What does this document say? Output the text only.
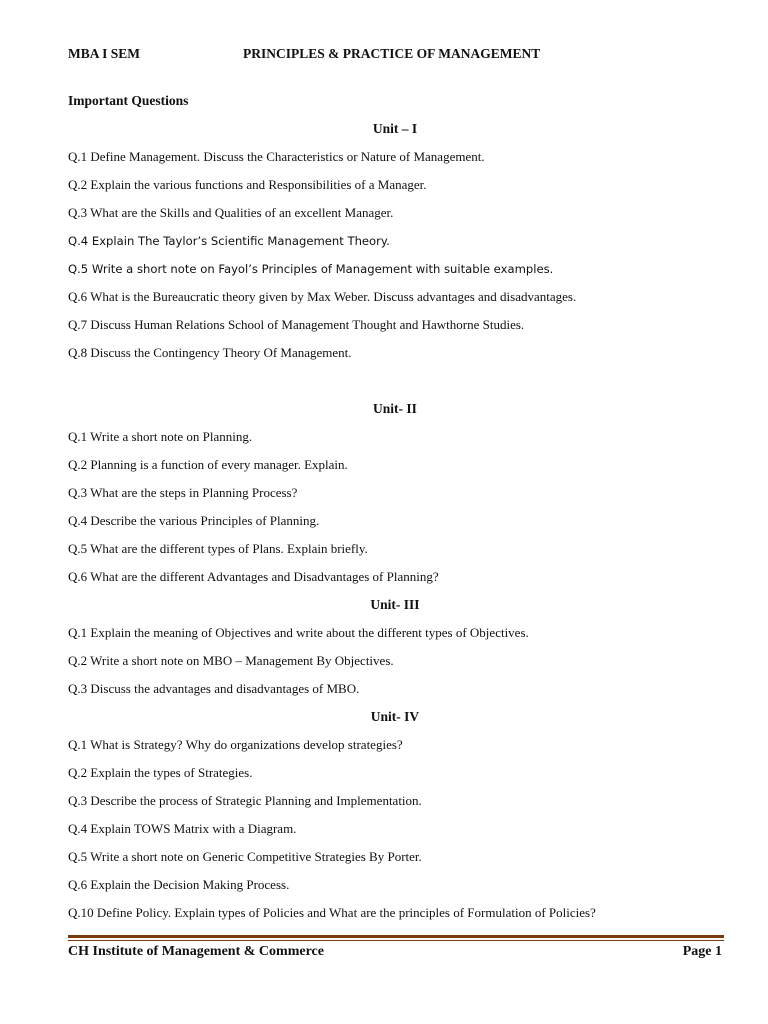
MBA I SEM	PRINCIPLES & PRACTICE OF MANAGEMENT
Important Questions
Unit – I
Q.1 Define Management. Discuss the Characteristics or Nature of Management.
Q.2 Explain the various functions and Responsibilities of a Manager.
Q.3 What are the Skills and Qualities of an excellent Manager.
Q.4 Explain The Taylor’s Scientific Management Theory.
Q.5 Write a short note on Fayol’s Principles of Management with suitable examples.
Q.6 What is the Bureaucratic theory given by Max Weber. Discuss advantages and disadvantages.
Q.7 Discuss Human Relations School of Management Thought and Hawthorne Studies.
Q.8 Discuss the Contingency Theory Of Management.
Unit- II
Q.1 Write a short note on Planning.
Q.2 Planning is a function of every manager. Explain.
Q.3 What are the steps in Planning Process?
Q.4 Describe the various Principles of Planning.
Q.5 What are the different types of Plans. Explain briefly.
Q.6 What are the different Advantages and Disadvantages of Planning?
Unit- III
Q.1 Explain the meaning of Objectives and write about the different types of Objectives.
Q.2 Write a short note on MBO – Management By Objectives.
Q.3 Discuss the advantages and disadvantages of MBO.
Unit- IV
Q.1 What is Strategy? Why do organizations develop strategies?
Q.2 Explain the types of Strategies.
Q.3 Describe the process of Strategic Planning and Implementation.
Q.4 Explain TOWS Matrix with a Diagram.
Q.5 Write a short note on Generic Competitive Strategies By Porter.
Q.6 Explain the Decision Making Process.
Q.10 Define Policy. Explain types of Policies and What are the principles of Formulation of Policies?
CH Institute of Management & Commerce	Page 1
